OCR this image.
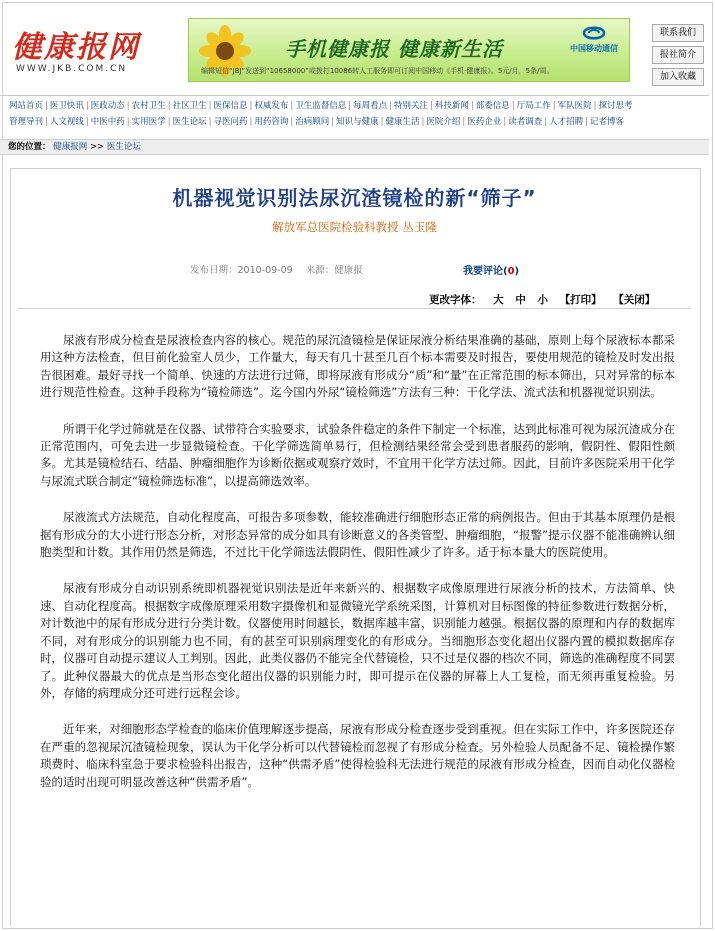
健康报网
WWW.JKB.COM.CN
手机健康报 健康新生活	中国移动通信
编辑短信“JBJ”发送到“10658000”或拨打10086转人工服务即可订阅中国移动《手机·健康报》。5元/月，5条/周。
联系我们
报社简介
加入收藏
网站首页 | 医卫快讯 | 医政动态 | 农村卫生 | 社区卫生 | 医保信息 | 权威发布 | 卫生监督信息 | 每周看点 | 特别关注 | 科技新闻 | 部委信息 | 厅局工作 | 军队医院 | 探讨思考
管理导刊 | 人文视线 | 中医中药 | 实用医学 | 医生论坛 | 寻医问药 | 用药咨询 | 治病顾问 | 知识与健康 | 健康生活 | 医院介绍 | 医药企业 | 读者调查 | 人才招聘 | 记者博客
您的位置： 健康报网 >> 医生论坛
机器视觉识别法尿沉渣镜检的新“筛子”
解放军总医院检验科教授 丛玉隆
发布日期：2010-09-09 来源：健康报	我要评论(0)
更改字体： 大 中 小 【打印】 【关闭】

尿液有形成分检查是尿液检查内容的核心。规范的尿沉渣镜检是保证尿液分析结果准确的基础，原则上每个尿液标本都采用这种方法检查，但目前化验室人员少，工作量大，每天有几十甚至几百个标本需要及时报告，要使用规范的镜检及时发出报告很困难。最好寻找一个简单、快速的方法进行过筛，即将尿液有形成分“质”和“量”在正常范围的标本筛出，只对异常的标本进行规范性检查。这种手段称为“镜检筛选”。迄今国内外尿“镜检筛选”方法有三种：干化学法、流式法和机器视觉识别法。

所谓干化学过筛就是在仪器、试带符合实验要求，试验条件稳定的条件下制定一个标准，达到此标准可视为尿沉渣成分在正常范围内，可免去进一步显微镜检查。干化学筛选简单易行，但检测结果经常会受到患者服药的影响，假阴性、假阳性颇多。尤其是镜检结石、结晶、肿瘤细胞作为诊断依据或观察疗效时，不宜用干化学方法过筛。因此，目前许多医院采用干化学与尿流式联合制定“镜检筛选标准”，以提高筛选效率。

尿液流式方法规范，自动化程度高，可报告多项参数，能较准确进行细胞形态正常的病例报告。但由于其基本原理仍是根据有形成分的大小进行形态分析，对形态异常的成分如具有诊断意义的各类管型、肿瘤细胞，“报警”提示仪器不能准确辨认细胞类型和计数。其作用仍然是筛选，不过比干化学筛选法假阴性、假阳性减少了许多。适于标本量大的医院使用。

尿液有形成分自动识别系统即机器视觉识别法是近年来新兴的、根据数字成像原理进行尿液分析的技术，方法简单、快速、自动化程度高。根据数字成像原理采用数字摄像机和显微镜光学系统采图，计算机对目标图像的特征参数进行数据分析，对计数池中的尿有形成分进行分类计数。仪器使用时间越长，数据库越丰富，识别能力越强。根据仪器的原理和内存的数据库不同，对有形成分的识别能力也不同，有的甚至可识别病理变化的有形成分。当细胞形态变化超出仪器内置的模拟数据库存时，仪器可自动提示建议人工判别。因此，此类仪器仍不能完全代替镜检，只不过是仪器的档次不同，筛选的准确程度不同罢了。此种仪器最大的优点是当形态变化超出仪器的识别能力时，即可提示在仪器的屏幕上人工复检，而无须再重复检验。另外，存储的病理成分还可进行远程会诊。

近年来，对细胞形态学检查的临床价值理解逐步提高，尿液有形成分检查逐步受到重视。但在实际工作中，许多医院还存在严重的忽视尿沉渣镜检现象，误认为干化学分析可以代替镜检而忽视了有形成分检查。另外检验人员配备不足、镜检操作繁琐费时、临床科室急于要求检验科出报告，这种“供需矛盾”使得检验科无法进行规范的尿液有形成分检查，因而自动化仪器检验的适时出现可明显改善这种“供需矛盾”。
